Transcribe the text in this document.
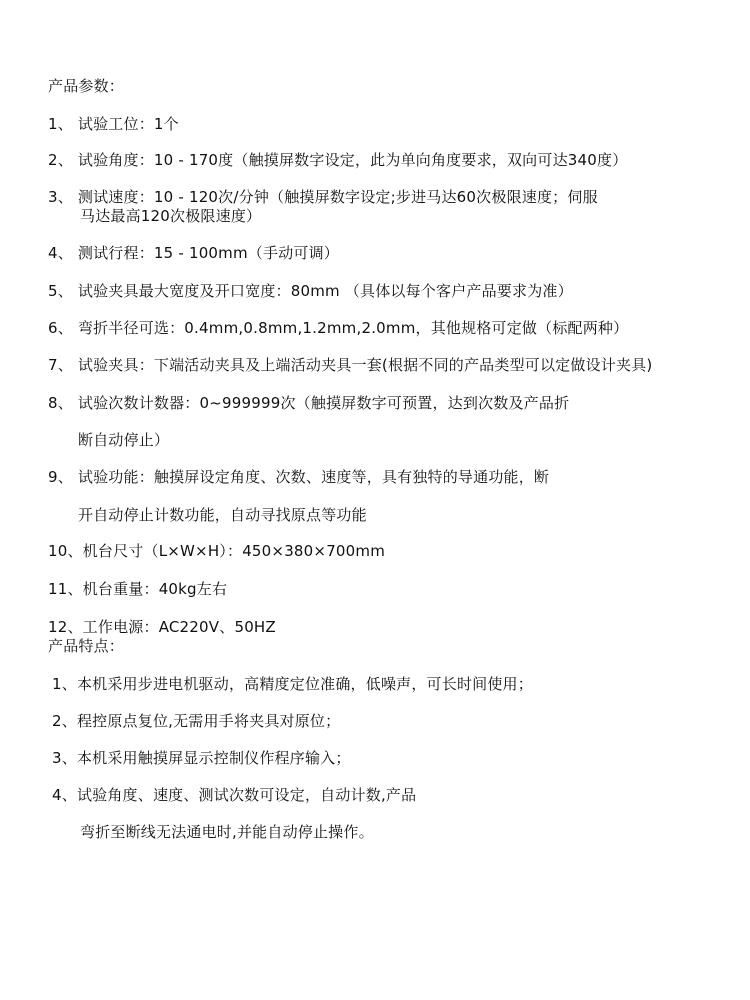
产品参数：
1、 试验工位：1个
2、 试验角度：10 - 170度（触摸屏数字设定，此为单向角度要求，双向可达340度）
3、 测试速度：10 - 120次/分钟（触摸屏数字设定;步进马达60次极限速度；伺服
马达最高120次极限速度）
4、 测试行程：15 - 100mm（手动可调）
5、 试验夹具最大宽度及开口宽度：80mm （具体以每个客户产品要求为准）
6、 弯折半径可选：0.4mm,0.8mm,1.2mm,2.0mm，其他规格可定做（标配两种）
7、 试验夹具：下端活动夹具及上端活动夹具一套(根据不同的产品类型可以定做设计夹具)
8、 试验次数计数器：0~999999次（触摸屏数字可预置，达到次数及产品折
断自动停止）
9、 试验功能：触摸屏设定角度、次数、速度等，具有独特的导通功能，断
开自动停止计数功能，自动寻找原点等功能
10、机台尺寸（L×W×H）：450×380×700mm
11、机台重量：40kg左右
12、工作电源：AC220V、50HZ
产品特点：
1、本机采用步进电机驱动，高精度定位准确，低噪声，可长时间使用；
2、程控原点复位,无需用手将夹具对原位；
3、本机采用触摸屏显示控制仪作程序输入；
4、试验角度、速度、测试次数可设定，自动计数,产品
弯折至断线无法通电时,并能自动停止操作。
